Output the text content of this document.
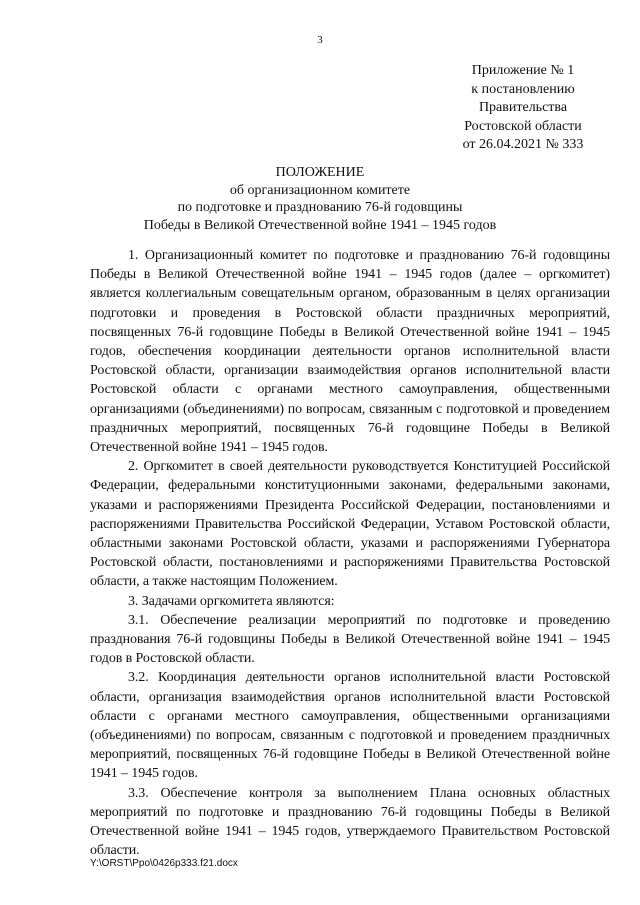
3
Приложение № 1
к постановлению
Правительства
Ростовской области
от 26.04.2021 № 333
ПОЛОЖЕНИЕ
об организационном комитете
по подготовке и празднованию 76-й годовщины
Победы в Великой Отечественной войне 1941 – 1945 годов

1. Организационный комитет по подготовке и празднованию 76-й годовщины Победы в Великой Отечественной войне 1941 – 1945 годов (далее – оргкомитет) является коллегиальным совещательным органом, образованным в целях организации подготовки и проведения в Ростовской области праздничных мероприятий, посвященных 76-й годовщине Победы в Великой Отечественной войне 1941 – 1945 годов, обеспечения координации деятельности органов исполнительной власти Ростовской области, организации взаимодействия органов исполнительной власти Ростовской области с органами местного самоуправления, общественными организациями (объединениями) по вопросам, связанным с подготовкой и проведением праздничных мероприятий, посвященных 76-й годовщине Победы в Великой Отечественной войне 1941 – 1945 годов.

2. Оргкомитет в своей деятельности руководствуется Конституцией Российской Федерации, федеральными конституционными законами, федеральными законами, указами и распоряжениями Президента Российской Федерации, постановлениями и распоряжениями Правительства Российской Федерации, Уставом Ростовской области, областными законами Ростовской области, указами и распоряжениями Губернатора Ростовской области, постановлениями и распоряжениями Правительства Ростовской области, а также настоящим Положением.

3. Задачами оргкомитета являются:

3.1. Обеспечение реализации мероприятий по подготовке и проведению празднования 76-й годовщины Победы в Великой Отечественной войне 1941 – 1945 годов в Ростовской области.

3.2. Координация деятельности органов исполнительной власти Ростовской области, организация взаимодействия органов исполнительной власти Ростовской области с органами местного самоуправления, общественными организациями (объединениями) по вопросам, связанным с подготовкой и проведением праздничных мероприятий, посвященных 76-й годовщине Победы в Великой Отечественной войне 1941 – 1945 годов.

3.3. Обеспечение контроля за выполнением Плана основных областных мероприятий по подготовке и празднованию 76-й годовщины Победы в Великой Отечественной войне 1941 – 1945 годов, утверждаемого Правительством Ростовской области.

Y:\ORST\Ppo\0426p333.f21.docx
